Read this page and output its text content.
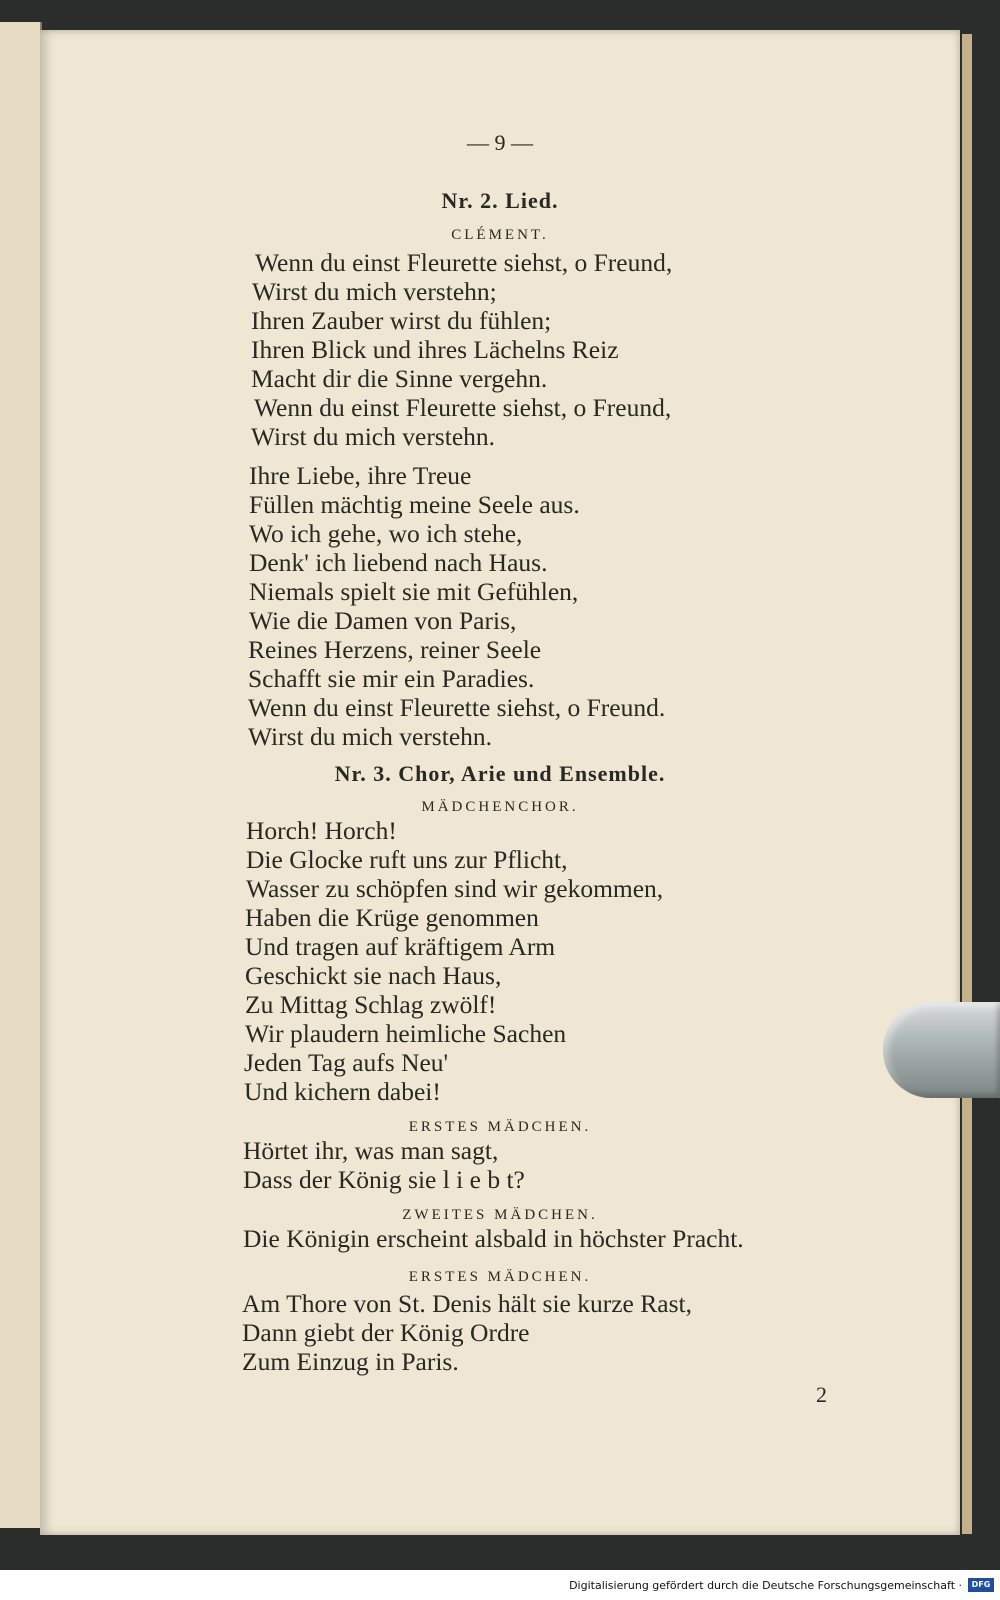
— 9 —

Nr. 2. Lied.

CLÉMENT.

Wenn du einst Fleurette siehst, o Freund,

Wirst du mich verstehn;

Ihren Zauber wirst du fühlen;

Ihren Blick und ihres Lächelns Reiz

Macht dir die Sinne vergehn.

Wenn du einst Fleurette siehst, o Freund,

Wirst du mich verstehn.

Ihre Liebe, ihre Treue

Füllen mächtig meine Seele aus.

Wo ich gehe, wo ich stehe,

Denk' ich liebend nach Haus.

Niemals spielt sie mit Gefühlen,

Wie die Damen von Paris,

Reines Herzens, reiner Seele

Schafft sie mir ein Paradies.

Wenn du einst Fleurette siehst, o Freund.

Wirst du mich verstehn.

Nr. 3. Chor, Arie und Ensemble.

MÄDCHENCHOR.

Horch! Horch!

Die Glocke ruft uns zur Pflicht,

Wasser zu schöpfen sind wir gekommen,

Haben die Krüge genommen

Und tragen auf kräftigem Arm

Geschickt sie nach Haus,

Zu Mittag Schlag zwölf!

Wir plaudern heimliche Sachen

Jeden Tag aufs Neu'

Und kichern dabei!

ERSTES MÄDCHEN.

Hörtet ihr, was man sagt,

Dass der König sie l i e b t?

ZWEITES MÄDCHEN.

Die Königin erscheint alsbald in höchster Pracht.

ERSTES MÄDCHEN.

Am Thore von St. Denis hält sie kurze Rast,

Dann giebt der König Ordre

Zum Einzug in Paris.

2

Digitalisierung gefördert durch die Deutsche Forschungsgemeinschaft ·	DFG
